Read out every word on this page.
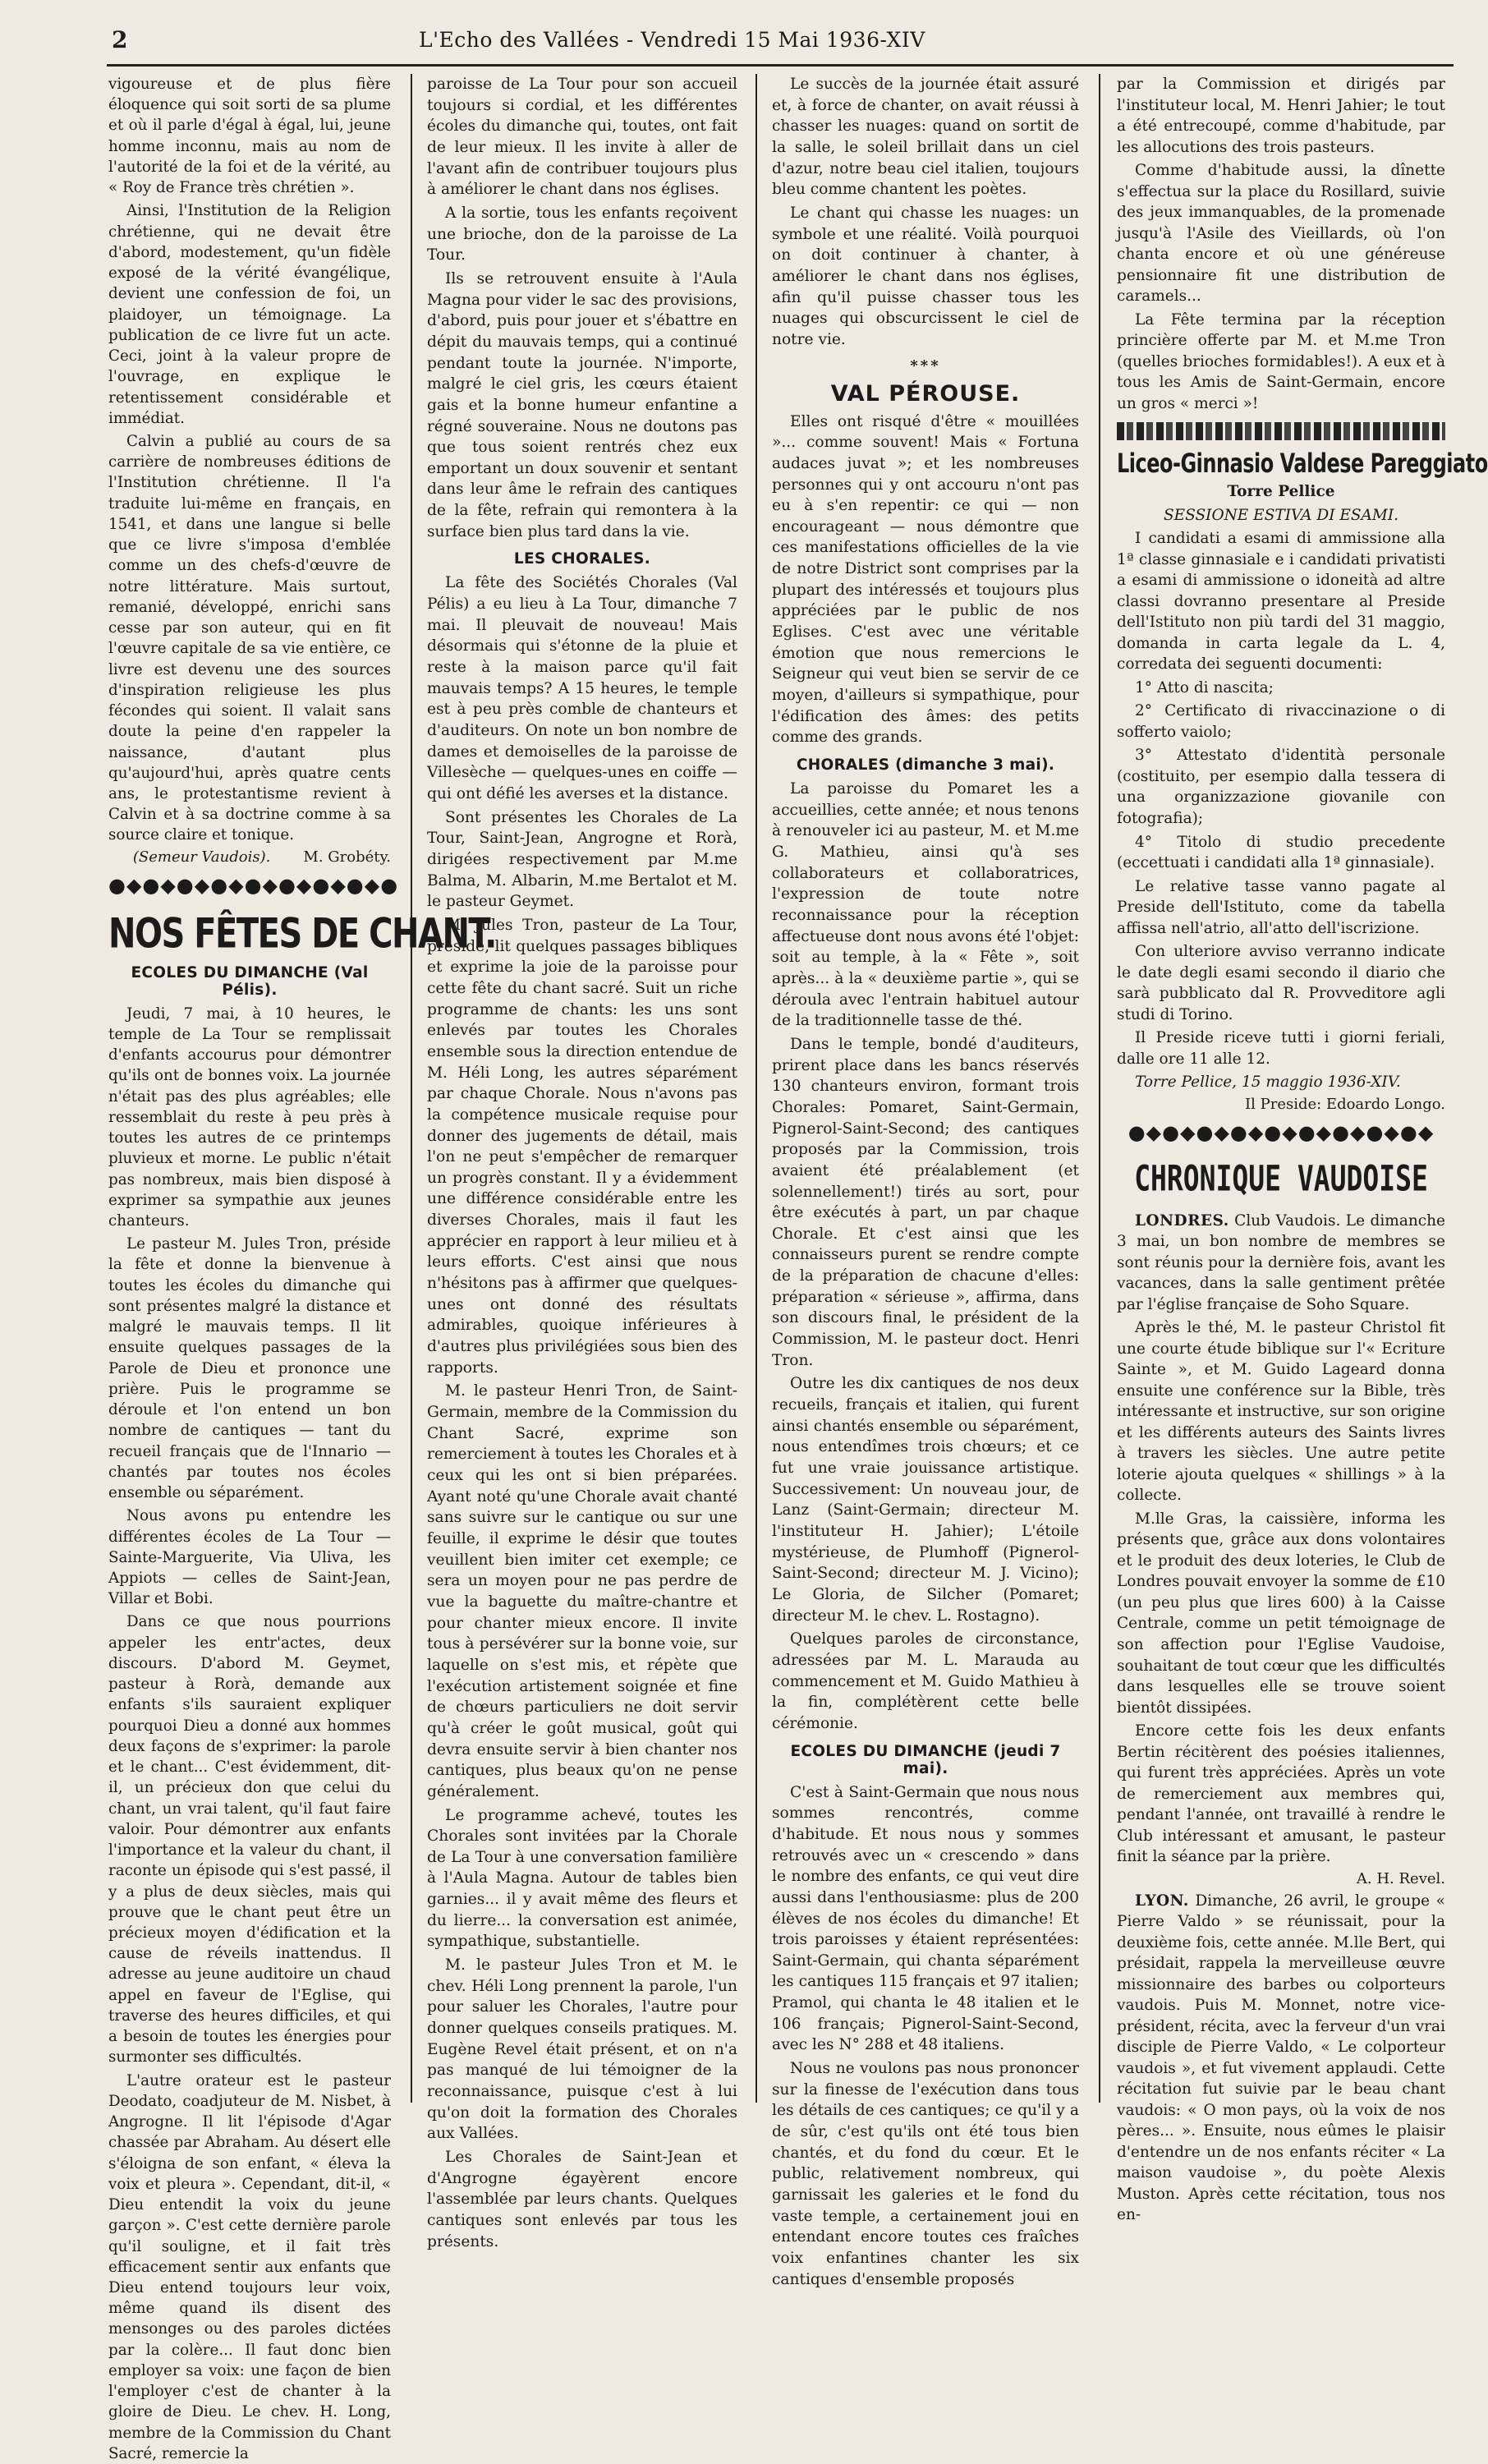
2	L'Echo des Vallées - Vendredi 15 Mai 1936-XIV

vigoureuse et de plus fière éloquence qui soit sorti de sa plume et où il parle d'égal à égal, lui, jeune homme inconnu, mais au nom de l'autorité de la foi et de la vérité, au « Roy de France très chrétien ».

Ainsi, l'Institution de la Religion chrétienne, qui ne devait être d'abord, modestement, qu'un fidèle exposé de la vérité évangélique, devient une confession de foi, un plaidoyer, un témoignage. La publication de ce livre fut un acte. Ceci, joint à la valeur propre de l'ouvrage, en explique le retentissement considérable et immédiat.

Calvin a publié au cours de sa carrière de nombreuses éditions de l'Institution chrétienne. Il l'a traduite lui-même en français, en 1541, et dans une langue si belle que ce livre s'imposa d'emblée comme un des chefs-d'œuvre de notre littérature. Mais surtout, remanié, développé, enrichi sans cesse par son auteur, qui en fit l'œuvre capitale de sa vie entière, ce livre est devenu une des sources d'inspiration religieuse les plus fécondes qui soient. Il valait sans doute la peine d'en rappeler la naissance, d'autant plus qu'aujourd'hui, après quatre cents ans, le protestantisme revient à Calvin et à sa doctrine comme à sa source claire et tonique.

(Semeur Vaudois). M. Grobéty.
●◆●◆●◆●◆●◆●◆●◆●◆●
NOS FÊTES DE CHANT.
ECOLES DU DIMANCHE (Val Pélis).

Jeudi, 7 mai, à 10 heures, le temple de La Tour se remplissait d'enfants accourus pour démontrer qu'ils ont de bonnes voix. La journée n'était pas des plus agréables; elle ressemblait du reste à peu près à toutes les autres de ce printemps pluvieux et morne. Le public n'était pas nombreux, mais bien disposé à exprimer sa sympathie aux jeunes chanteurs.

Le pasteur M. Jules Tron, préside la fête et donne la bienvenue à toutes les écoles du dimanche qui sont présentes malgré la distance et malgré le mauvais temps. Il lit ensuite quelques passages de la Parole de Dieu et prononce une prière. Puis le programme se déroule et l'on entend un bon nombre de cantiques — tant du recueil français que de l'Innario — chantés par toutes nos écoles ensemble ou séparément.

Nous avons pu entendre les différentes écoles de La Tour — Sainte-Marguerite, Via Uliva, les Appiots — celles de Saint-Jean, Villar et Bobi.

Dans ce que nous pourrions appeler les entr'actes, deux discours. D'abord M. Geymet, pasteur à Rorà, demande aux enfants s'ils sauraient expliquer pourquoi Dieu a donné aux hommes deux façons de s'exprimer: la parole et le chant... C'est évidemment, dit-il, un précieux don que celui du chant, un vrai talent, qu'il faut faire valoir. Pour démontrer aux enfants l'importance et la valeur du chant, il raconte un épisode qui s'est passé, il y a plus de deux siècles, mais qui prouve que le chant peut être un précieux moyen d'édification et la cause de réveils inattendus. Il adresse au jeune auditoire un chaud appel en faveur de l'Eglise, qui traverse des heures difficiles, et qui a besoin de toutes les énergies pour surmonter ses difficultés.

L'autre orateur est le pasteur Deodato, coadjuteur de M. Nisbet, à Angrogne. Il lit l'épisode d'Agar chassée par Abraham. Au désert elle s'éloigna de son enfant, « éleva la voix et pleura ». Cependant, dit-il, « Dieu entendit la voix du jeune garçon ». C'est cette dernière parole qu'il souligne, et il fait très efficacement sentir aux enfants que Dieu entend toujours leur voix, même quand ils disent des mensonges ou des paroles dictées par la colère... Il faut donc bien employer sa voix: une façon de bien l'employer c'est de chanter à la gloire de Dieu. Le chev. H. Long, membre de la Commission du Chant Sacré, remercie la

paroisse de La Tour pour son accueil toujours si cordial, et les différentes écoles du dimanche qui, toutes, ont fait de leur mieux. Il les invite à aller de l'avant afin de contribuer toujours plus à améliorer le chant dans nos églises.

A la sortie, tous les enfants reçoivent une brioche, don de la paroisse de La Tour.

Ils se retrouvent ensuite à l'Aula Magna pour vider le sac des provisions, d'abord, puis pour jouer et s'ébattre en dépit du mauvais temps, qui a continué pendant toute la journée. N'importe, malgré le ciel gris, les cœurs étaient gais et la bonne humeur enfantine a régné souveraine. Nous ne doutons pas que tous soient rentrés chez eux emportant un doux souvenir et sentant dans leur âme le refrain des cantiques de la fête, refrain qui remontera à la surface bien plus tard dans la vie.

LES CHORALES.

La fête des Sociétés Chorales (Val Pélis) a eu lieu à La Tour, dimanche 7 mai. Il pleuvait de nouveau! Mais désormais qui s'étonne de la pluie et reste à la maison parce qu'il fait mauvais temps? A 15 heures, le temple est à peu près comble de chanteurs et d'auditeurs. On note un bon nombre de dames et demoiselles de la paroisse de Villesèche — quelques-unes en coiffe — qui ont défié les averses et la distance.

Sont présentes les Chorales de La Tour, Saint-Jean, Angrogne et Rorà, dirigées respectivement par M.me Balma, M. Albarin, M.me Bertalot et M. le pasteur Geymet.

M. Jules Tron, pasteur de La Tour, préside, lit quelques passages bibliques et exprime la joie de la paroisse pour cette fête du chant sacré. Suit un riche programme de chants: les uns sont enlevés par toutes les Chorales ensemble sous la direction entendue de M. Héli Long, les autres séparément par chaque Chorale. Nous n'avons pas la compétence musicale requise pour donner des jugements de détail, mais l'on ne peut s'empêcher de remarquer un progrès constant. Il y a évidemment une différence considérable entre les diverses Chorales, mais il faut les apprécier en rapport à leur milieu et à leurs efforts. C'est ainsi que nous n'hésitons pas à affirmer que quelques-unes ont donné des résultats admirables, quoique inférieures à d'autres plus privilégiées sous bien des rapports.

M. le pasteur Henri Tron, de Saint-Germain, membre de la Commission du Chant Sacré, exprime son remerciement à toutes les Chorales et à ceux qui les ont si bien préparées. Ayant noté qu'une Chorale avait chanté sans suivre sur le cantique ou sur une feuille, il exprime le désir que toutes veuillent bien imiter cet exemple; ce sera un moyen pour ne pas perdre de vue la baguette du maître-chantre et pour chanter mieux encore. Il invite tous à persévérer sur la bonne voie, sur laquelle on s'est mis, et répète que l'exécution artistement soignée et fine de chœurs particuliers ne doit servir qu'à créer le goût musical, goût qui devra ensuite servir à bien chanter nos cantiques, plus beaux qu'on ne pense généralement.

Le programme achevé, toutes les Chorales sont invitées par la Chorale de La Tour à une conversation familière à l'Aula Magna. Autour de tables bien garnies... il y avait même des fleurs et du lierre... la conversation est animée, sympathique, substantielle.

M. le pasteur Jules Tron et M. le chev. Héli Long prennent la parole, l'un pour saluer les Chorales, l'autre pour donner quelques conseils pratiques. M. Eugène Revel était présent, et on n'a pas manqué de lui témoigner de la reconnaissance, puisque c'est à lui qu'on doit la formation des Chorales aux Vallées.

Les Chorales de Saint-Jean et d'Angrogne égayèrent encore l'assemblée par leurs chants. Quelques cantiques sont enlevés par tous les présents.

Le succès de la journée était assuré et, à force de chanter, on avait réussi à chasser les nuages: quand on sortit de la salle, le soleil brillait dans un ciel d'azur, notre beau ciel italien, toujours bleu comme chantent les poètes.

Le chant qui chasse les nuages: un symbole et une réalité. Voilà pourquoi on doit continuer à chanter, à améliorer le chant dans nos églises, afin qu'il puisse chasser tous les nuages qui obscurcissent le ciel de notre vie.

***
VAL PÉROUSE.

Elles ont risqué d'être « mouillées »... comme souvent! Mais « Fortuna audaces juvat »; et les nombreuses personnes qui y ont accouru n'ont pas eu à s'en repentir: ce qui — non encourageant — nous démontre que ces manifestations officielles de la vie de notre District sont comprises par la plupart des intéressés et toujours plus appréciées par le public de nos Eglises. C'est avec une véritable émotion que nous remercions le Seigneur qui veut bien se servir de ce moyen, d'ailleurs si sympathique, pour l'édification des âmes: des petits comme des grands.

CHORALES (dimanche 3 mai).

La paroisse du Pomaret les a accueillies, cette année; et nous tenons à renouveler ici au pasteur, M. et M.me G. Mathieu, ainsi qu'à ses collaborateurs et collaboratrices, l'expression de toute notre reconnaissance pour la réception affectueuse dont nous avons été l'objet: soit au temple, à la « Fête », soit après... à la « deuxième partie », qui se déroula avec l'entrain habituel autour de la traditionnelle tasse de thé.

Dans le temple, bondé d'auditeurs, prirent place dans les bancs réservés 130 chanteurs environ, formant trois Chorales: Pomaret, Saint-Germain, Pignerol-Saint-Second; des cantiques proposés par la Commission, trois avaient été préalablement (et solennellement!) tirés au sort, pour être exécutés à part, un par chaque Chorale. Et c'est ainsi que les connaisseurs purent se rendre compte de la préparation de chacune d'elles: préparation « sérieuse », affirma, dans son discours final, le président de la Commission, M. le pasteur doct. Henri Tron.

Outre les dix cantiques de nos deux recueils, français et italien, qui furent ainsi chantés ensemble ou séparément, nous entendîmes trois chœurs; et ce fut une vraie jouissance artistique. Successivement: Un nouveau jour, de Lanz (Saint-Germain; directeur M. l'instituteur H. Jahier); L'étoile mystérieuse, de Plumhoff (Pignerol-Saint-Second; directeur M. J. Vicino); Le Gloria, de Silcher (Pomaret; directeur M. le chev. L. Rostagno).

Quelques paroles de circonstance, adressées par M. L. Marauda au commencement et M. Guido Mathieu à la fin, complétèrent cette belle cérémonie.

ECOLES DU DIMANCHE (jeudi 7 mai).

C'est à Saint-Germain que nous nous sommes rencontrés, comme d'habitude. Et nous nous y sommes retrouvés avec un « crescendo » dans le nombre des enfants, ce qui veut dire aussi dans l'enthousiasme: plus de 200 élèves de nos écoles du dimanche! Et trois paroisses y étaient représentées: Saint-Germain, qui chanta séparément les cantiques 115 français et 97 italien; Pramol, qui chanta le 48 italien et le 106 français; Pignerol-Saint-Second, avec les N° 288 et 48 italiens.

Nous ne voulons pas nous prononcer sur la finesse de l'exécution dans tous les détails de ces cantiques; ce qu'il y a de sûr, c'est qu'ils ont été tous bien chantés, et du fond du cœur. Et le public, relativement nombreux, qui garnissait les galeries et le fond du vaste temple, a certainement joui en entendant encore toutes ces fraîches voix enfantines chanter les six cantiques d'ensemble proposés

par la Commission et dirigés par l'instituteur local, M. Henri Jahier; le tout a été entrecoupé, comme d'habitude, par les allocutions des trois pasteurs.

Comme d'habitude aussi, la dînette s'effectua sur la place du Rosillard, suivie des jeux immanquables, de la promenade jusqu'à l'Asile des Vieillards, où l'on chanta encore et où une généreuse pensionnaire fit une distribution de caramels...

La Fête termina par la réception princière offerte par M. et M.me Tron (quelles brioches formidables!). A eux et à tous les Amis de Saint-Germain, encore un gros « merci »!

Liceo-Ginnasio Valdese Pareggiato

Torre Pellice

SESSIONE ESTIVA DI ESAMI.

I candidati a esami di ammissione alla 1ª classe ginnasiale e i candidati privatisti a esami di ammissione o idoneità ad altre classi dovranno presentare al Preside dell'Istituto non più tardi del 31 maggio, domanda in carta legale da L. 4, corredata dei seguenti documenti:

1° Atto di nascita;

2° Certificato di rivaccinazione o di sofferto vaiolo;

3° Attestato d'identità personale (costituito, per esempio dalla tessera di una organizzazione giovanile con fotografia);

4° Titolo di studio precedente (eccettuati i candidati alla 1ª ginnasiale).

Le relative tasse vanno pagate al Preside dell'Istituto, come da tabella affissa nell'atrio, all'atto dell'iscrizione.

Con ulteriore avviso verranno indicate le date degli esami secondo il diario che sarà pubblicato dal R. Provveditore agli studi di Torino.

Il Preside riceve tutti i giorni feriali, dalle ore 11 alle 12.

Torre Pellice, 15 maggio 1936-XIV.

Il Preside: Edoardo Longo.
●◆●◆●◆●◆●◆●◆●◆●◆●◆
CHRONIQUE VAUDOISE

LONDRES. Club Vaudois. Le dimanche 3 mai, un bon nombre de membres se sont réunis pour la dernière fois, avant les vacances, dans la salle gentiment prêtée par l'église française de Soho Square.

Après le thé, M. le pasteur Christol fit une courte étude biblique sur l'« Ecriture Sainte », et M. Guido Lageard donna ensuite une conférence sur la Bible, très intéressante et instructive, sur son origine et les différents auteurs des Saints livres à travers les siècles. Une autre petite loterie ajouta quelques « shillings » à la collecte.

M.lle Gras, la caissière, informa les présents que, grâce aux dons volontaires et le produit des deux loteries, le Club de Londres pouvait envoyer la somme de £10 (un peu plus que lires 600) à la Caisse Centrale, comme un petit témoignage de son affection pour l'Eglise Vaudoise, souhaitant de tout cœur que les difficultés dans lesquelles elle se trouve soient bientôt dissipées.

Encore cette fois les deux enfants Bertin récitèrent des poésies italiennes, qui furent très appréciées. Après un vote de remerciement aux membres qui, pendant l'année, ont travaillé à rendre le Club intéressant et amusant, le pasteur finit la séance par la prière.

A. H. Revel.

LYON. Dimanche, 26 avril, le groupe « Pierre Valdo » se réunissait, pour la deuxième fois, cette année. M.lle Bert, qui présidait, rappela la merveilleuse œuvre missionnaire des barbes ou colporteurs vaudois. Puis M. Monnet, notre vice-président, récita, avec la ferveur d'un vrai disciple de Pierre Valdo, « Le colporteur vaudois », et fut vivement applaudi. Cette récitation fut suivie par le beau chant vaudois: « O mon pays, où la voix de nos pères... ». Ensuite, nous eûmes le plaisir d'entendre un de nos enfants réciter « La maison vaudoise », du poète Alexis Muston. Après cette récitation, tous nos en-
